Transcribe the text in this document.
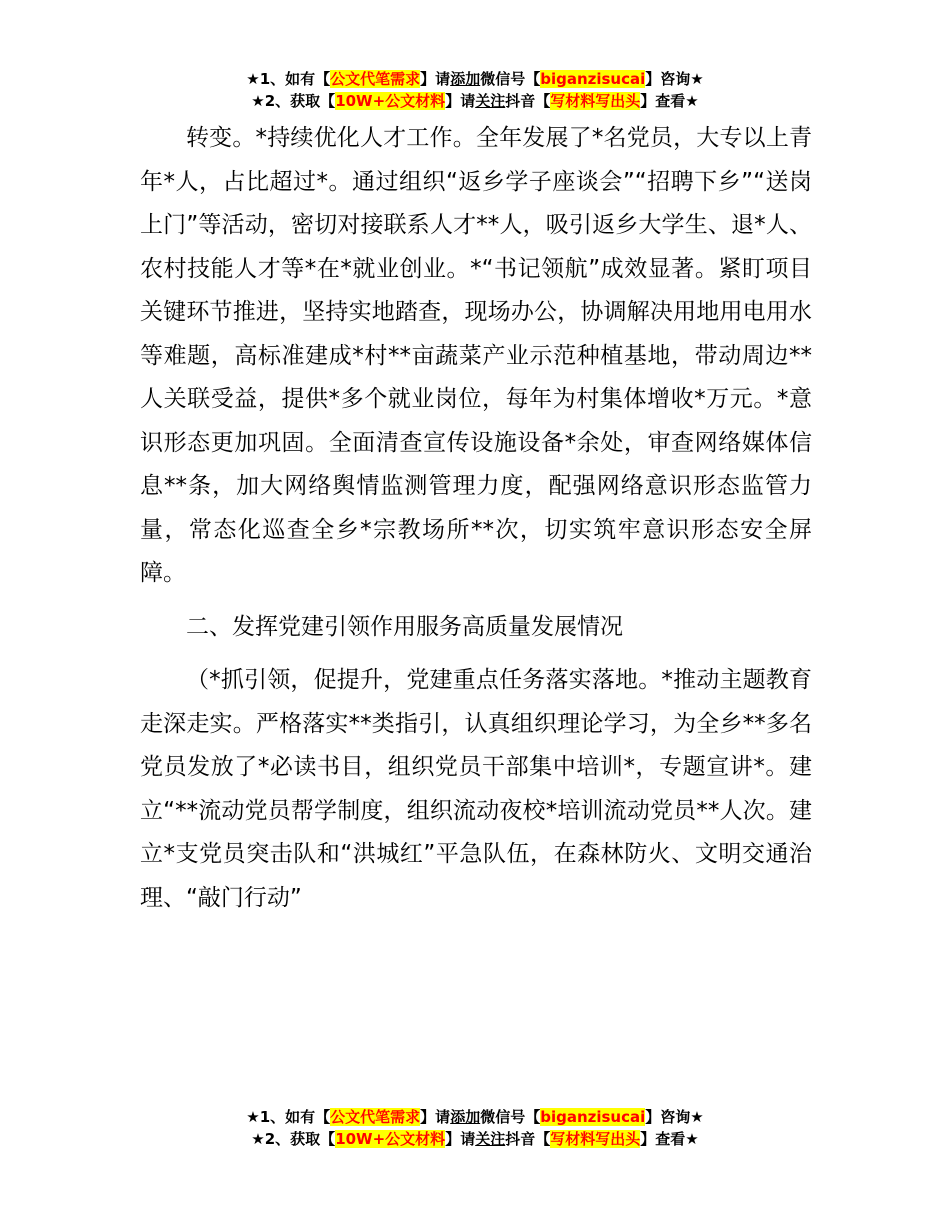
★1、如有【公文代笔需求】请添加微信号【biganzisucai】咨询★
★2、获取【10W+公文材料】请关注抖音【写材料写出头】查看★

转变。*持续优化人才工作。全年发展了*名党员，大专以上青年*人，占比超过*。通过组织“返乡学子座谈会”“招聘下乡”“送岗上门”等活动，密切对接联系人才**人，吸引返乡大学生、退*人、农村技能人才等*在*就业创业。*“书记领航”成效显著。紧盯项目关键环节推进，坚持实地踏查，现场办公，协调解决用地用电用水等难题，高标准建成*村**亩蔬菜产业示范种植基地，带动周边**人关联受益，提供*多个就业岗位，每年为村集体增收*万元。*意识形态更加巩固。全面清查宣传设施设备*余处，审查网络媒体信息**条，加大网络舆情监测管理力度，配强网络意识形态监管力量，常态化巡查全乡*宗教场所**次，切实筑牢意识形态安全屏障。

二、发挥党建引领作用服务高质量发展情况

（*抓引领，促提升，党建重点任务落实落地。*推动主题教育走深走实。严格落实**类指引，认真组织理论学习，为全乡**多名党员发放了*必读书目，组织党员干部集中培训*，专题宣讲*。建立“**流动党员帮学制度，组织流动夜校*培训流动党员**人次。建立*支党员突击队和“洪城红”平急队伍，在森林防火、文明交通治理、“敲门行动”

★1、如有【公文代笔需求】请添加微信号【biganzisucai】咨询★
★2、获取【10W+公文材料】请关注抖音【写材料写出头】查看★
